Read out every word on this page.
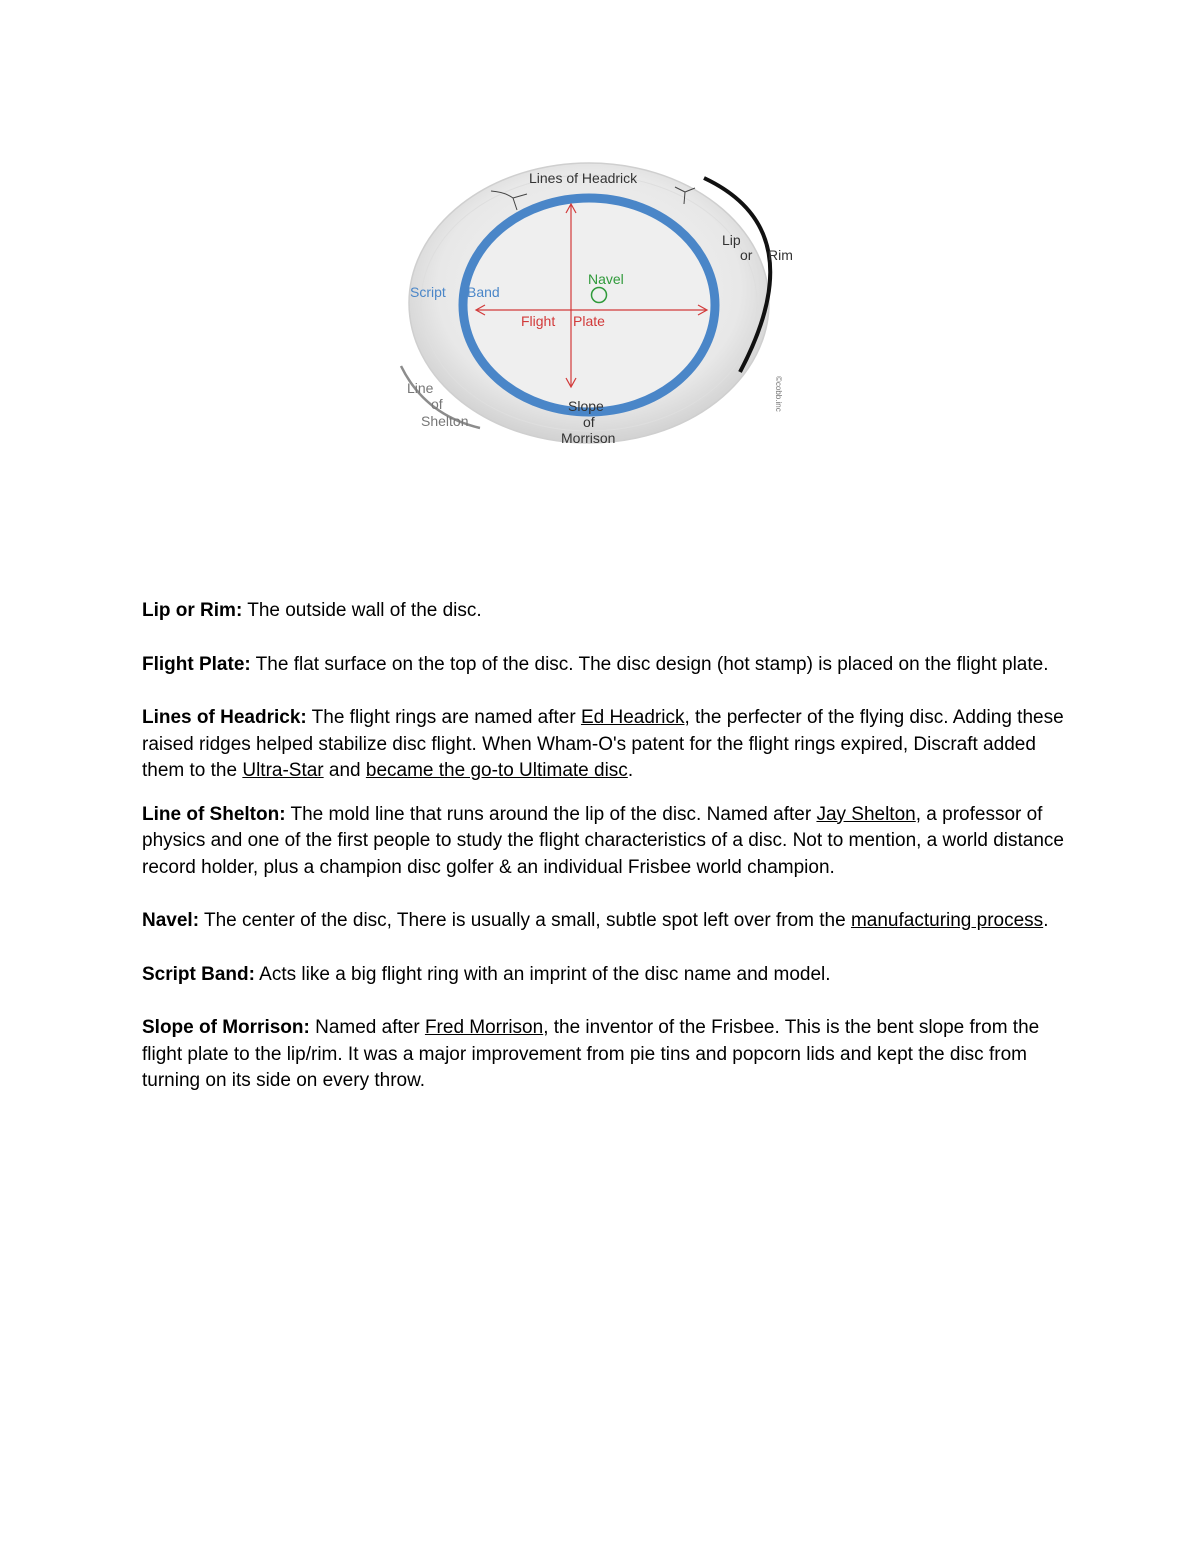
Lines of Headrick
Lip
or Rim
Navel
Script Band
Flight Plate
Line
of
Shelton
Slope
of
Morrison
©cobb.inc

Lip or Rim: The outside wall of the disc.

Flight Plate: The flat surface on the top of the disc. The disc design (hot stamp) is placed on the flight plate.

Lines of Headrick: The flight rings are named after Ed Headrick, the perfecter of the flying disc. Adding these raised ridges helped stabilize disc flight. When Wham-O's patent for the flight rings expired, Discraft added them to the Ultra-Star and became the go-to Ultimate disc.

Line of Shelton: The mold line that runs around the lip of the disc. Named after Jay Shelton, a professor of physics and one of the first people to study the flight characteristics of a disc. Not to mention, a world distance record holder, plus a champion disc golfer & an individual Frisbee world champion.

Navel: The center of the disc, There is usually a small, subtle spot left over from the manufacturing process.

Script Band: Acts like a big flight ring with an imprint of the disc name and model.

Slope of Morrison: Named after Fred Morrison, the inventor of the Frisbee. This is the bent slope from the flight plate to the lip/rim. It was a major improvement from pie tins and popcorn lids and kept the disc from turning on its side on every throw.
